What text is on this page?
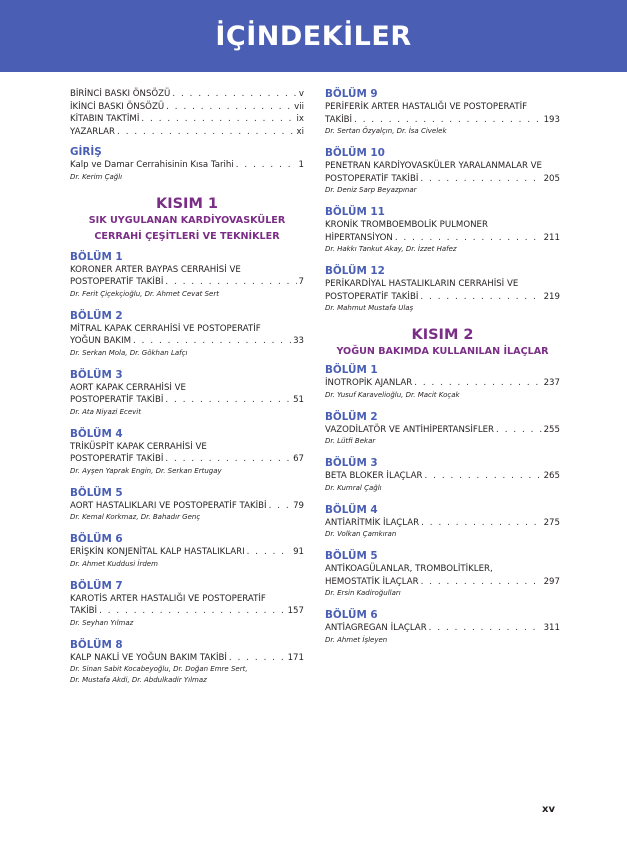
İÇİNDEKİLER
BİRİNCİ BASKI ÖNSÖZÜ . . .	v
İKİNCİ BASKI ÖNSÖZÜ . . .	vii
KİTABIN TAKTİMİ . . .	ix
YAZARLAR . . .	xi
GİRİŞ
Kalp ve Damar Cerrahisinin Kısa Tarihi . . .	1
Dr. Kerim Çağlı
KISIM 1
SIK UYGULANAN KARDİYOVASKÜLER
CERRAHİ ÇEŞİTLERİ VE TEKNİKLER
BÖLÜM 1
KORONER ARTER BAYPAS CERRAHİSİ VE
POSTOPERATİF TAKİBİ . . .	7
Dr. Ferit Çiçekçioğlu, Dr. Ahmet Cevat Sert
BÖLÜM 2
MİTRAL KAPAK CERRAHİSİ VE POSTOPERATİF
YOĞUN BAKIM . . .	33
Dr. Serkan Mola, Dr. Gökhan Lafçı
BÖLÜM 3
AORT KAPAK CERRAHİSİ VE
POSTOPERATİF TAKİBİ . . .	51
Dr. Ata Niyazi Ecevit
BÖLÜM 4
TRİKÜSPİT KAPAK CERRAHİSİ VE
POSTOPERATİF TAKİBİ . . .	67
Dr. Ayşen Yaprak Engin, Dr. Serkan Ertugay
BÖLÜM 5
AORT HASTALIKLARI VE POSTOPERATİF TAKİBİ . . .	79
Dr. Kemal Korkmaz, Dr. Bahadır Genç
BÖLÜM 6
ERİŞKİN KONJENİTAL KALP HASTALIKLARI . . .	91
Dr. Ahmet Kuddusi İrdem
BÖLÜM 7
KAROTİS ARTER HASTALIĞI VE POSTOPERATİF
TAKİBİ . . .	157
Dr. Seyhan Yılmaz
BÖLÜM 8
KALP NAKLİ VE YOĞUN BAKIM TAKİBİ . . .	171
Dr. Sinan Sabit Kocabeyoğlu, Dr. Doğan Emre Sert,
Dr. Mustafa Akdi, Dr. Abdulkadir Yılmaz
BÖLÜM 9
PERİFERİK ARTER HASTALIĞI VE POSTOPERATİF
TAKİBİ . . .	193
Dr. Sertan Özyalçın, Dr. İsa Civelek
BÖLÜM 10
PENETRAN KARDİYOVASKÜLER YARALANMALAR VE
POSTOPERATİF TAKİBİ . . .	205
Dr. Deniz Sarp Beyazpınar
BÖLÜM 11
KRONİK TROMBOEMBOLİK PULMONER
HİPERTANSİYON . . .	211
Dr. Hakkı Tankut Akay, Dr. İzzet Hafez
BÖLÜM 12
PERİKARDİYAL HASTALIKLARIN CERRAHİSİ VE
POSTOPERATİF TAKİBİ . . .	219
Dr. Mahmut Mustafa Ulaş
KISIM 2
YOĞUN BAKIMDA KULLANILAN İLAÇLAR
BÖLÜM 1
İNOTROPİK AJANLAR . . .	237
Dr. Yusuf Karavelioğlu, Dr. Macit Koçak
BÖLÜM 2
VAZODİLATÖR VE ANTİHİPERTANSİFLER . . .	255
Dr. Lütfi Bekar
BÖLÜM 3
BETA BLOKER İLAÇLAR . . .	265
Dr. Kumral Çağlı
BÖLÜM 4
ANTİARİTMİK İLAÇLAR . . .	275
Dr. Volkan Çamkıran
BÖLÜM 5
ANTİKOAGÜLANLAR, TROMBOLİTİKLER,
HEMOSTATİK İLAÇLAR . . .	297
Dr. Ersin Kadiroğulları
BÖLÜM 6
ANTİAGREGAN İLAÇLAR . . .	311
Dr. Ahmet İşleyen
xv
